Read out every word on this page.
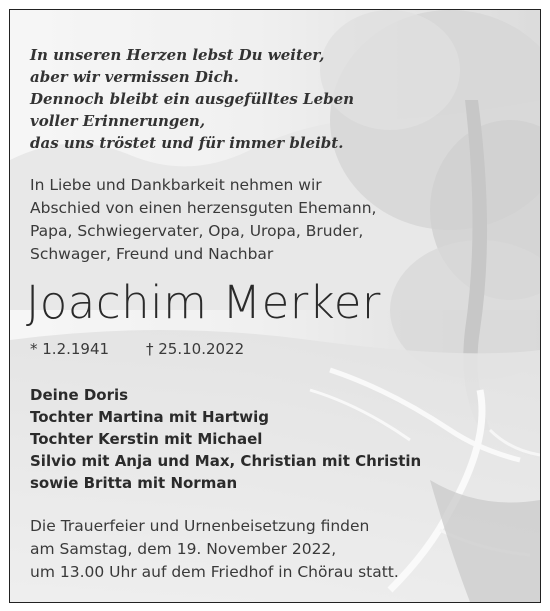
In unseren Herzen lebst Du weiter,
aber wir vermissen Dich.
Dennoch bleibt ein ausgefülltes Leben
voller Erinnerungen,
das uns tröstet und für immer bleibt.
In Liebe und Dankbarkeit nehmen wir
Abschied von einen herzensguten Ehemann,
Papa, Schwiegervater, Opa, Uropa, Bruder,
Schwager, Freund und Nachbar
Joachim Merker
* 1.2.1941 † 25.10.2022
Deine Doris
Tochter Martina mit Hartwig
Tochter Kerstin mit Michael
Silvio mit Anja und Max, Christian mit Christin
sowie Britta mit Norman
Die Trauerfeier und Urnenbeisetzung finden
am Samstag, dem 19. November 2022,
um 13.00 Uhr auf dem Friedhof in Chörau statt.
